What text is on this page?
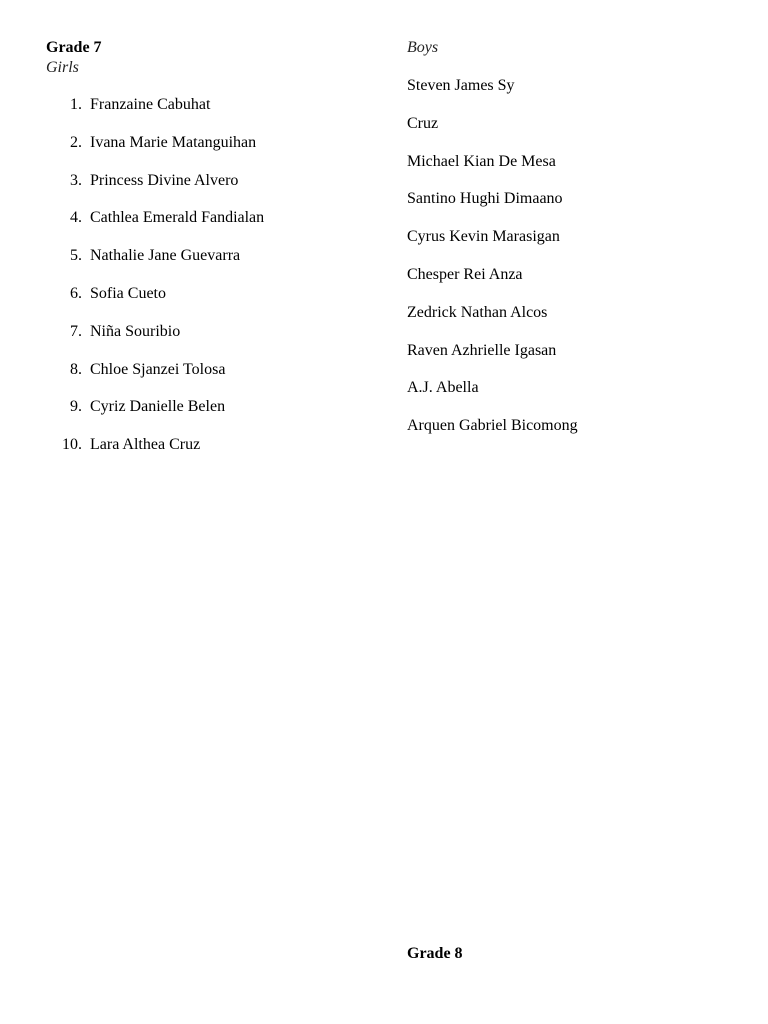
Grade 7

Girls

1. Franzaine Cabuhat
2. Ivana Marie Matanguihan
3. Princess Divine Alvero
4. Cathlea Emerald Fandialan
5. Nathalie Jane Guevarra
6. Sofia Cueto
7. Niña Souribio
8. Chloe Sjanzei Tolosa
9. Cyriz Danielle Belen
10. Lara Althea Cruz

Boys

Steven James Sy
Cruz
Michael Kian De Mesa
Santino Hughi Dimaano
Cyrus Kevin Marasigan
Chesper Rei Anza
Zedrick Nathan Alcos
Raven Azhrielle Igasan
A.J. Abella
Arquen Gabriel Bicomong
Grade 8
